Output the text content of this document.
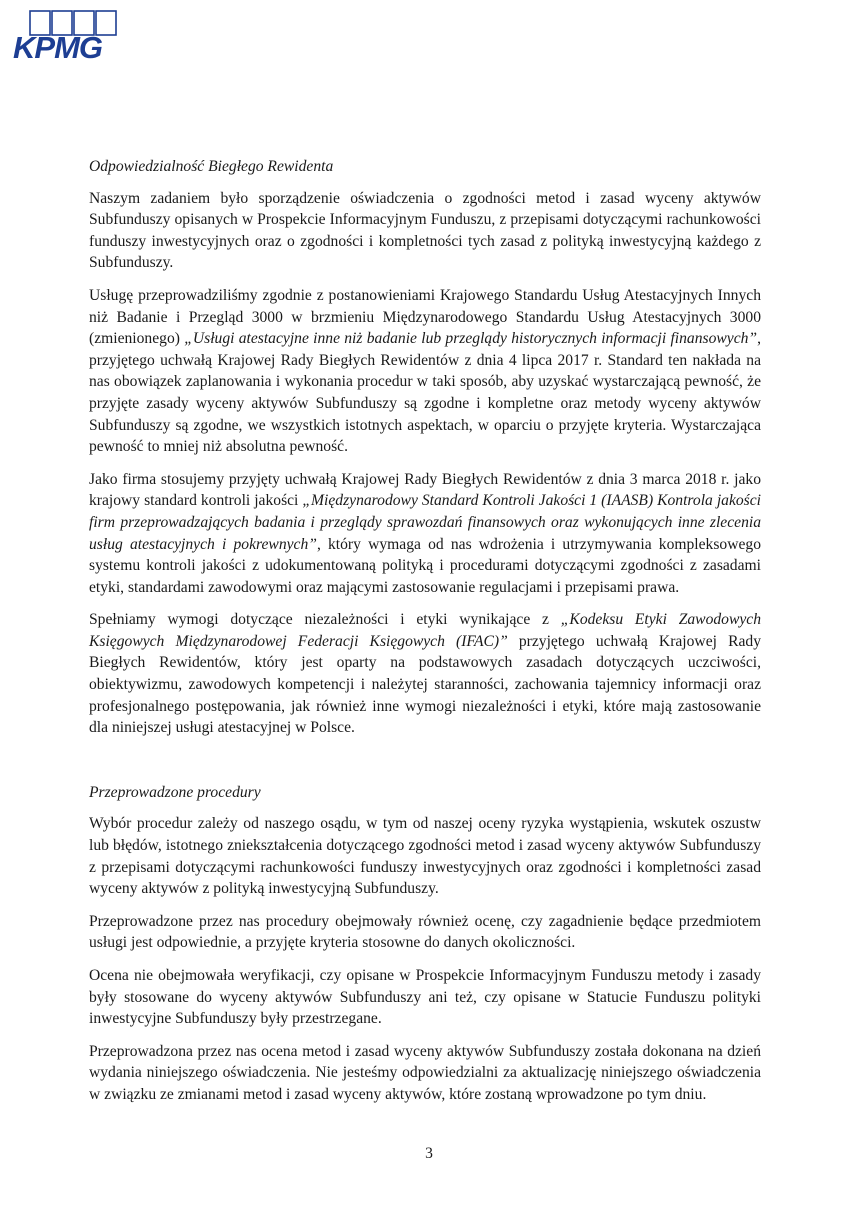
KPMG
Odpowiedzialność Biegłego Rewidenta

Naszym zadaniem było sporządzenie oświadczenia o zgodności metod i zasad wyceny aktywów Subfunduszy opisanych w Prospekcie Informacyjnym Funduszu, z przepisami dotyczącymi rachunkowości funduszy inwestycyjnych oraz o zgodności i kompletności tych zasad z polityką inwestycyjną każdego z Subfunduszy.

Usługę przeprowadziliśmy zgodnie z postanowieniami Krajowego Standardu Usług Atestacyjnych Innych niż Badanie i Przegląd 3000 w brzmieniu Międzynarodowego Standardu Usług Atestacyjnych 3000 (zmienionego) „Usługi atestacyjne inne niż badanie lub przeglądy historycznych informacji finansowych”, przyjętego uchwałą Krajowej Rady Biegłych Rewidentów z dnia 4 lipca 2017 r. Standard ten nakłada na nas obowiązek zaplanowania i wykonania procedur w taki sposób, aby uzyskać wystarczającą pewność, że przyjęte zasady wyceny aktywów Subfunduszy są zgodne i kompletne oraz metody wyceny aktywów Subfunduszy są zgodne, we wszystkich istotnych aspektach, w oparciu o przyjęte kryteria. Wystarczająca pewność to mniej niż absolutna pewność.

Jako firma stosujemy przyjęty uchwałą Krajowej Rady Biegłych Rewidentów z dnia 3 marca 2018 r. jako krajowy standard kontroli jakości „Międzynarodowy Standard Kontroli Jakości 1 (IAASB) Kontrola jakości firm przeprowadzających badania i przeglądy sprawozdań finansowych oraz wykonujących inne zlecenia usług atestacyjnych i pokrewnych”, który wymaga od nas wdrożenia i utrzymywania kompleksowego systemu kontroli jakości z udokumentowaną polityką i procedurami dotyczącymi zgodności z zasadami etyki, standardami zawodowymi oraz mającymi zastosowanie regulacjami i przepisami prawa.

Spełniamy wymogi dotyczące niezależności i etyki wynikające z „Kodeksu Etyki Zawodowych Księgowych Międzynarodowej Federacji Księgowych (IFAC)” przyjętego uchwałą Krajowej Rady Biegłych Rewidentów, który jest oparty na podstawowych zasadach dotyczących uczciwości, obiektywizmu, zawodowych kompetencji i należytej staranności, zachowania tajemnicy informacji oraz profesjonalnego postępowania, jak również inne wymogi niezależności i etyki, które mają zastosowanie dla niniejszej usługi atestacyjnej w Polsce.

Przeprowadzone procedury

Wybór procedur zależy od naszego osądu, w tym od naszej oceny ryzyka wystąpienia, wskutek oszustw lub błędów, istotnego zniekształcenia dotyczącego zgodności metod i zasad wyceny aktywów Subfunduszy z przepisami dotyczącymi rachunkowości funduszy inwestycyjnych oraz zgodności i kompletności zasad wyceny aktywów z polityką inwestycyjną Subfunduszy.

Przeprowadzone przez nas procedury obejmowały również ocenę, czy zagadnienie będące przedmiotem usługi jest odpowiednie, a przyjęte kryteria stosowne do danych okoliczności.

Ocena nie obejmowała weryfikacji, czy opisane w Prospekcie Informacyjnym Funduszu metody i zasady były stosowane do wyceny aktywów Subfunduszy ani też, czy opisane w Statucie Funduszu polityki inwestycyjne Subfunduszy były przestrzegane.

Przeprowadzona przez nas ocena metod i zasad wyceny aktywów Subfunduszy została dokonana na dzień wydania niniejszego oświadczenia. Nie jesteśmy odpowiedzialni za aktualizację niniejszego oświadczenia w związku ze zmianami metod i zasad wyceny aktywów, które zostaną wprowadzone po tym dniu.

3
